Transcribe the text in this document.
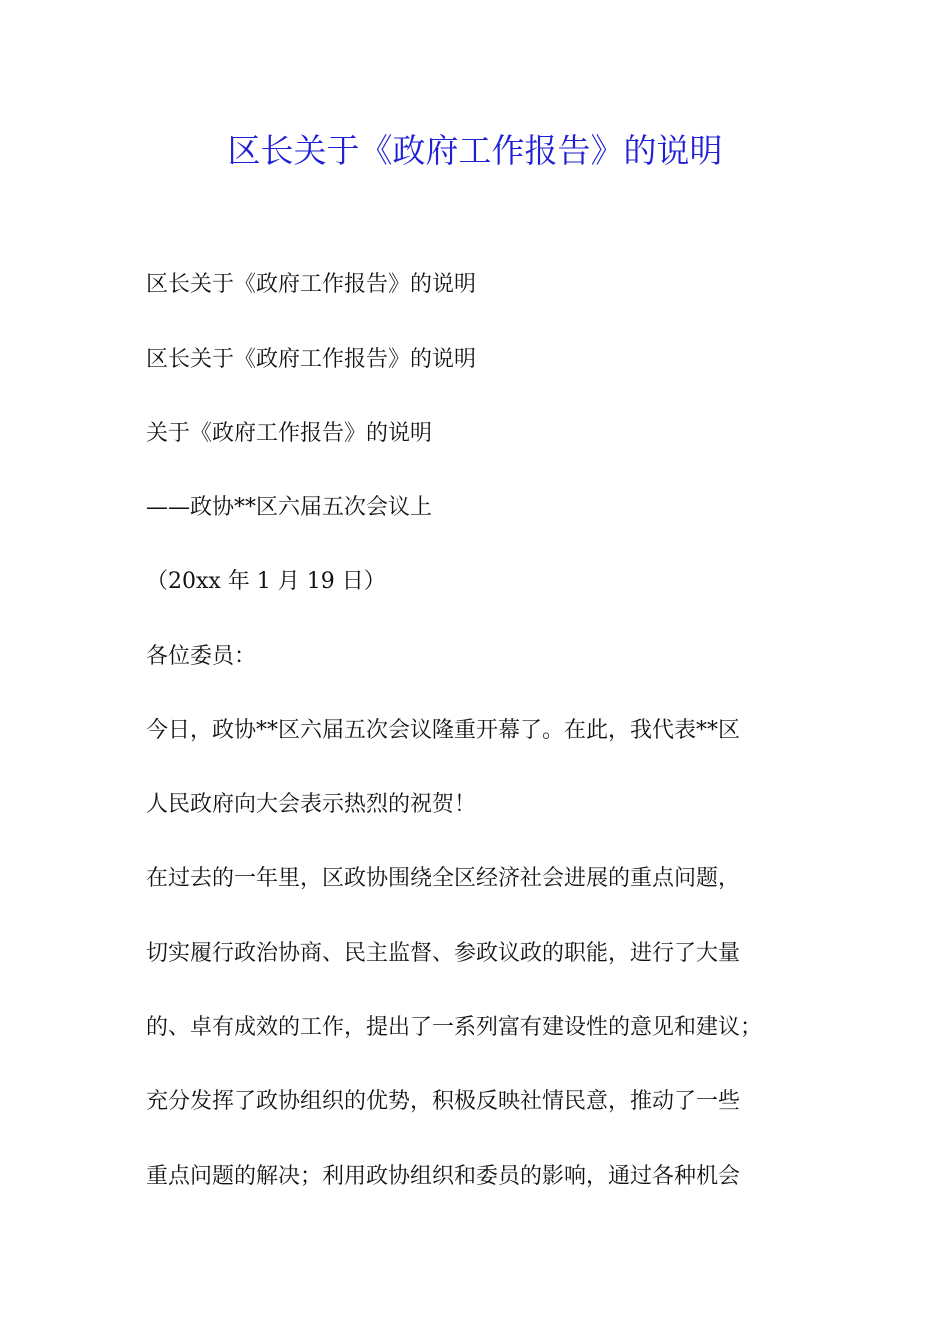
区长关于《政府工作报告》的说明

区长关于《政府工作报告》的说明

区长关于《政府工作报告》的说明

关于《政府工作报告》的说明

——政协**区六届五次会议上

（20xx 年 1 月 19 日）

各位委员：

今日，政协**区六届五次会议隆重开幕了。在此，我代表**区

人民政府向大会表示热烈的祝贺！

在过去的一年里，区政协围绕全区经济社会进展的重点问题，

切实履行政治协商、民主监督、参政议政的职能，进行了大量

的、卓有成效的工作，提出了一系列富有建设性的意见和建议；

充分发挥了政协组织的优势，积极反映社情民意，推动了一些

重点问题的解决；利用政协组织和委员的影响，通过各种机会
